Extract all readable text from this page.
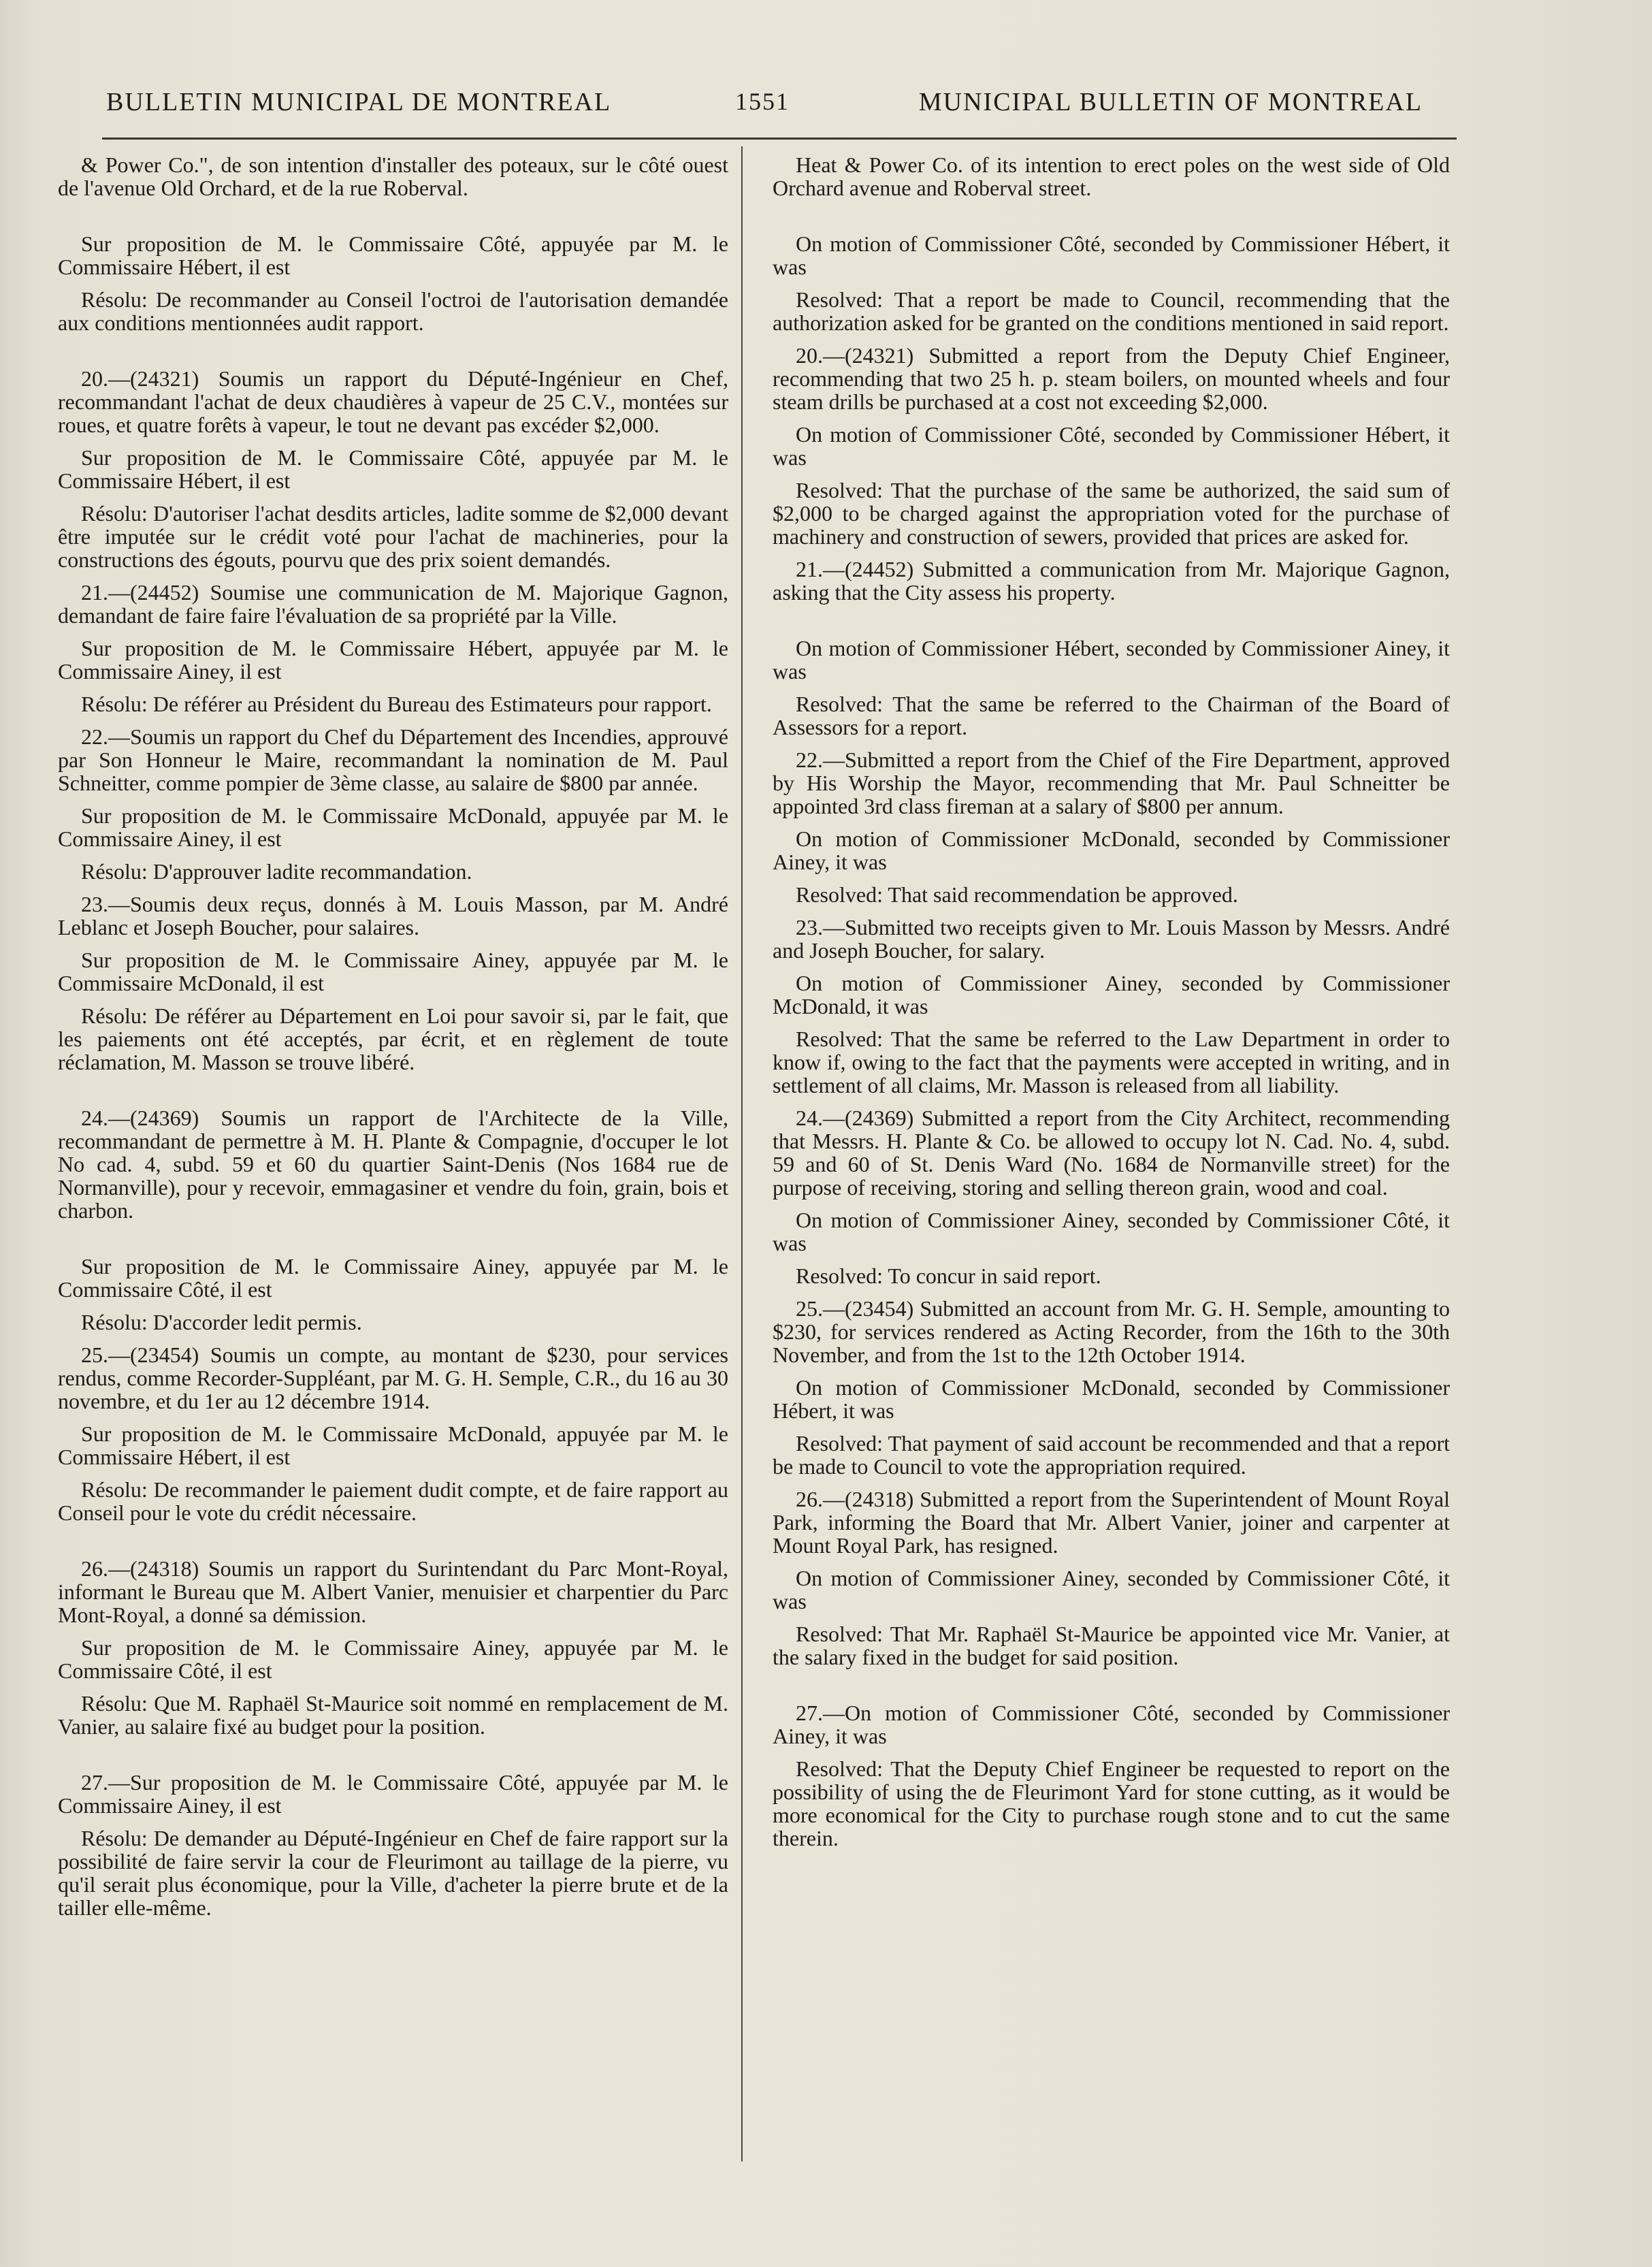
BULLETIN MUNICIPAL DE MONTREAL	1551	MUNICIPAL BULLETIN OF MONTREAL

& Power Co.", de son intention d'installer des poteaux, sur le côté ouest de l'avenue Old Orchard, et de la rue Roberval.

Sur proposition de M. le Commissaire Côté, appuyée par M. le Commissaire Hébert, il est

Résolu: De recommander au Conseil l'octroi de l'autorisation demandée aux conditions mentionnées audit rapport.

20.—(24321) Soumis un rapport du Député-Ingénieur en Chef, recommandant l'achat de deux chaudières à vapeur de 25 C.V., montées sur roues, et quatre forêts à vapeur, le tout ne devant pas excéder $2,000.

Sur proposition de M. le Commissaire Côté, appuyée par M. le Commissaire Hébert, il est

Résolu: D'autoriser l'achat desdits articles, ladite somme de $2,000 devant être imputée sur le crédit voté pour l'achat de machineries, pour la constructions des égouts, pourvu que des prix soient demandés.

21.—(24452) Soumise une communication de M. Majorique Gagnon, demandant de faire faire l'évaluation de sa propriété par la Ville.

Sur proposition de M. le Commissaire Hébert, appuyée par M. le Commissaire Ainey, il est

Résolu: De référer au Président du Bureau des Estimateurs pour rapport.

22.—Soumis un rapport du Chef du Département des Incendies, approuvé par Son Honneur le Maire, recommandant la nomination de M. Paul Schneitter, comme pompier de 3ème classe, au salaire de $800 par année.

Sur proposition de M. le Commissaire McDonald, appuyée par M. le Commissaire Ainey, il est

Résolu: D'approuver ladite recommandation.

23.—Soumis deux reçus, donnés à M. Louis Masson, par M. André Leblanc et Joseph Boucher, pour salaires.

Sur proposition de M. le Commissaire Ainey, appuyée par M. le Commissaire McDonald, il est

Résolu: De référer au Département en Loi pour savoir si, par le fait, que les paiements ont été acceptés, par écrit, et en règlement de toute réclamation, M. Masson se trouve libéré.

24.—(24369) Soumis un rapport de l'Architecte de la Ville, recommandant de permettre à M. H. Plante & Compagnie, d'occuper le lot No cad. 4, subd. 59 et 60 du quartier Saint-Denis (Nos 1684 rue de Normanville), pour y recevoir, emmagasiner et vendre du foin, grain, bois et charbon.

Sur proposition de M. le Commissaire Ainey, appuyée par M. le Commissaire Côté, il est

Résolu: D'accorder ledit permis.

25.—(23454) Soumis un compte, au montant de $230, pour services rendus, comme Recorder-Suppléant, par M. G. H. Semple, C.R., du 16 au 30 novembre, et du 1er au 12 décembre 1914.

Sur proposition de M. le Commissaire McDonald, appuyée par M. le Commissaire Hébert, il est

Résolu: De recommander le paiement dudit compte, et de faire rapport au Conseil pour le vote du crédit nécessaire.

26.—(24318) Soumis un rapport du Surintendant du Parc Mont-Royal, informant le Bureau que M. Albert Vanier, menuisier et charpentier du Parc Mont-Royal, a donné sa démission.

Sur proposition de M. le Commissaire Ainey, appuyée par M. le Commissaire Côté, il est

Résolu: Que M. Raphaël St-Maurice soit nommé en remplacement de M. Vanier, au salaire fixé au budget pour la position.

27.—Sur proposition de M. le Commissaire Côté, appuyée par M. le Commissaire Ainey, il est

Résolu: De demander au Député-Ingénieur en Chef de faire rapport sur la possibilité de faire servir la cour de Fleurimont au taillage de la pierre, vu qu'il serait plus économique, pour la Ville, d'acheter la pierre brute et de la tailler elle-même.

Heat & Power Co. of its intention to erect poles on the west side of Old Orchard avenue and Roberval street.

On motion of Commissioner Côté, seconded by Commissioner Hébert, it was

Resolved: That a report be made to Council, recommending that the authorization asked for be granted on the conditions mentioned in said report.

20.—(24321) Submitted a report from the Deputy Chief Engineer, recommending that two 25 h. p. steam boilers, on mounted wheels and four steam drills be purchased at a cost not exceeding $2,000.

On motion of Commissioner Côté, seconded by Commissioner Hébert, it was

Resolved: That the purchase of the same be authorized, the said sum of $2,000 to be charged against the appropriation voted for the purchase of machinery and construction of sewers, provided that prices are asked for.

21.—(24452) Submitted a communication from Mr. Majorique Gagnon, asking that the City assess his property.

On motion of Commissioner Hébert, seconded by Commissioner Ainey, it was

Resolved: That the same be referred to the Chairman of the Board of Assessors for a report.

22.—Submitted a report from the Chief of the Fire Department, approved by His Worship the Mayor, recommending that Mr. Paul Schneitter be appointed 3rd class fireman at a salary of $800 per annum.

On motion of Commissioner McDonald, seconded by Commissioner Ainey, it was

Resolved: That said recommendation be approved.

23.—Submitted two receipts given to Mr. Louis Masson by Messrs. André and Joseph Boucher, for salary.

On motion of Commissioner Ainey, seconded by Commissioner McDonald, it was

Resolved: That the same be referred to the Law Department in order to know if, owing to the fact that the payments were accepted in writing, and in settlement of all claims, Mr. Masson is released from all liability.

24.—(24369) Submitted a report from the City Architect, recommending that Messrs. H. Plante & Co. be allowed to occupy lot N. Cad. No. 4, subd. 59 and 60 of St. Denis Ward (No. 1684 de Normanville street) for the purpose of receiving, storing and selling thereon grain, wood and coal.

On motion of Commissioner Ainey, seconded by Commissioner Côté, it was

Resolved: To concur in said report.

25.—(23454) Submitted an account from Mr. G. H. Semple, amounting to $230, for services rendered as Acting Recorder, from the 16th to the 30th November, and from the 1st to the 12th October 1914.

On motion of Commissioner McDonald, seconded by Commissioner Hébert, it was

Resolved: That payment of said account be recommended and that a report be made to Council to vote the appropriation required.

26.—(24318) Submitted a report from the Superintendent of Mount Royal Park, informing the Board that Mr. Albert Vanier, joiner and carpenter at Mount Royal Park, has resigned.

On motion of Commissioner Ainey, seconded by Commissioner Côté, it was

Resolved: That Mr. Raphaël St-Maurice be appointed vice Mr. Vanier, at the salary fixed in the budget for said position.

27.—On motion of Commissioner Côté, seconded by Commissioner Ainey, it was

Resolved: That the Deputy Chief Engineer be requested to report on the possibility of using the de Fleurimont Yard for stone cutting, as it would be more economical for the City to purchase rough stone and to cut the same therein.
